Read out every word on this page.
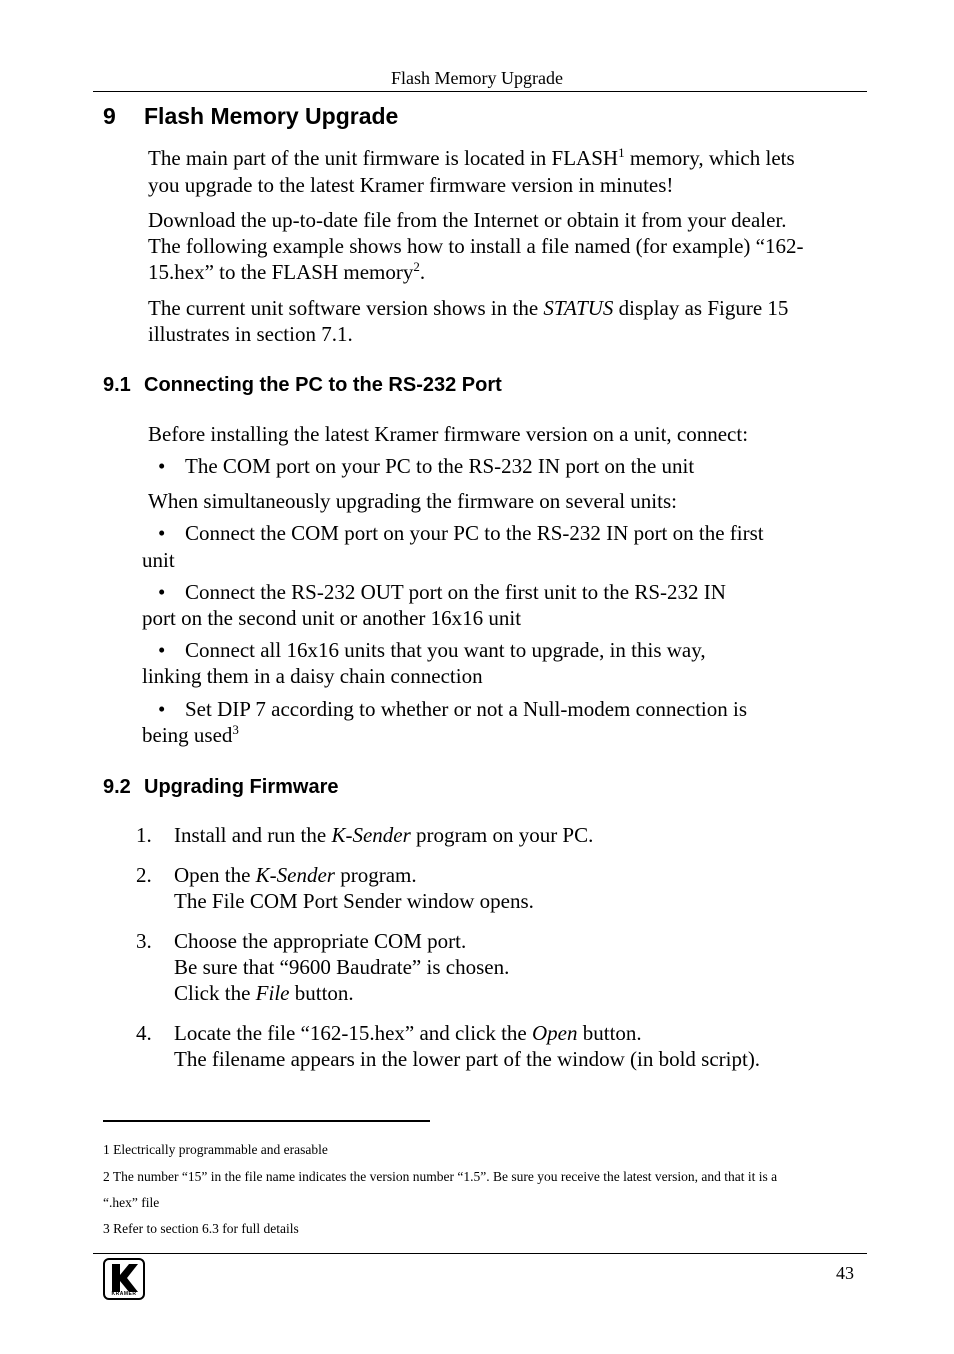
Flash Memory Upgrade
9 Flash Memory Upgrade
The main part of the unit firmware is located in FLASH$^1$ memory, which lets
you upgrade to the latest Kramer firmware version in minutes!
Download the up-to-date file from the Internet or obtain it from your dealer.
The following example shows how to install a file named (for example) “162-
15.hex” to the FLASH memory$^2$.
The current unit software version shows in the STATUS display as Figure 15
illustrates in section 7.1.
9.1 Connecting the PC to the RS-232 Port
Before installing the latest Kramer firmware version on a unit, connect:
• The COM port on your PC to the RS-232 IN port on the unit
When simultaneously upgrading the firmware on several units:
• Connect the COM port on your PC to the RS-232 IN port on the first
unit
• Connect the RS-232 OUT port on the first unit to the RS-232 IN
port on the second unit or another 16x16 unit
• Connect all 16x16 units that you want to upgrade, in this way,
linking them in a daisy chain connection
• Set DIP 7 according to whether or not a Null-modem connection is
being used$^3$
9.2 Upgrading Firmware
1. Install and run the K-Sender program on your PC.
2. Open the K-Sender program.
The File COM Port Sender window opens.
3. Choose the appropriate COM port.
Be sure that “9600 Baudrate” is chosen.
Click the File button.
4. Locate the file “162-15.hex” and click the Open button.
The filename appears in the lower part of the window (in bold script).
1 Electrically programmable and erasable
2 The number “15” in the file name indicates the version number “1.5”. Be sure you receive the latest version, and that it is a
“.hex” file
3 Refer to section 6.3 for full details
KRAMER
43
